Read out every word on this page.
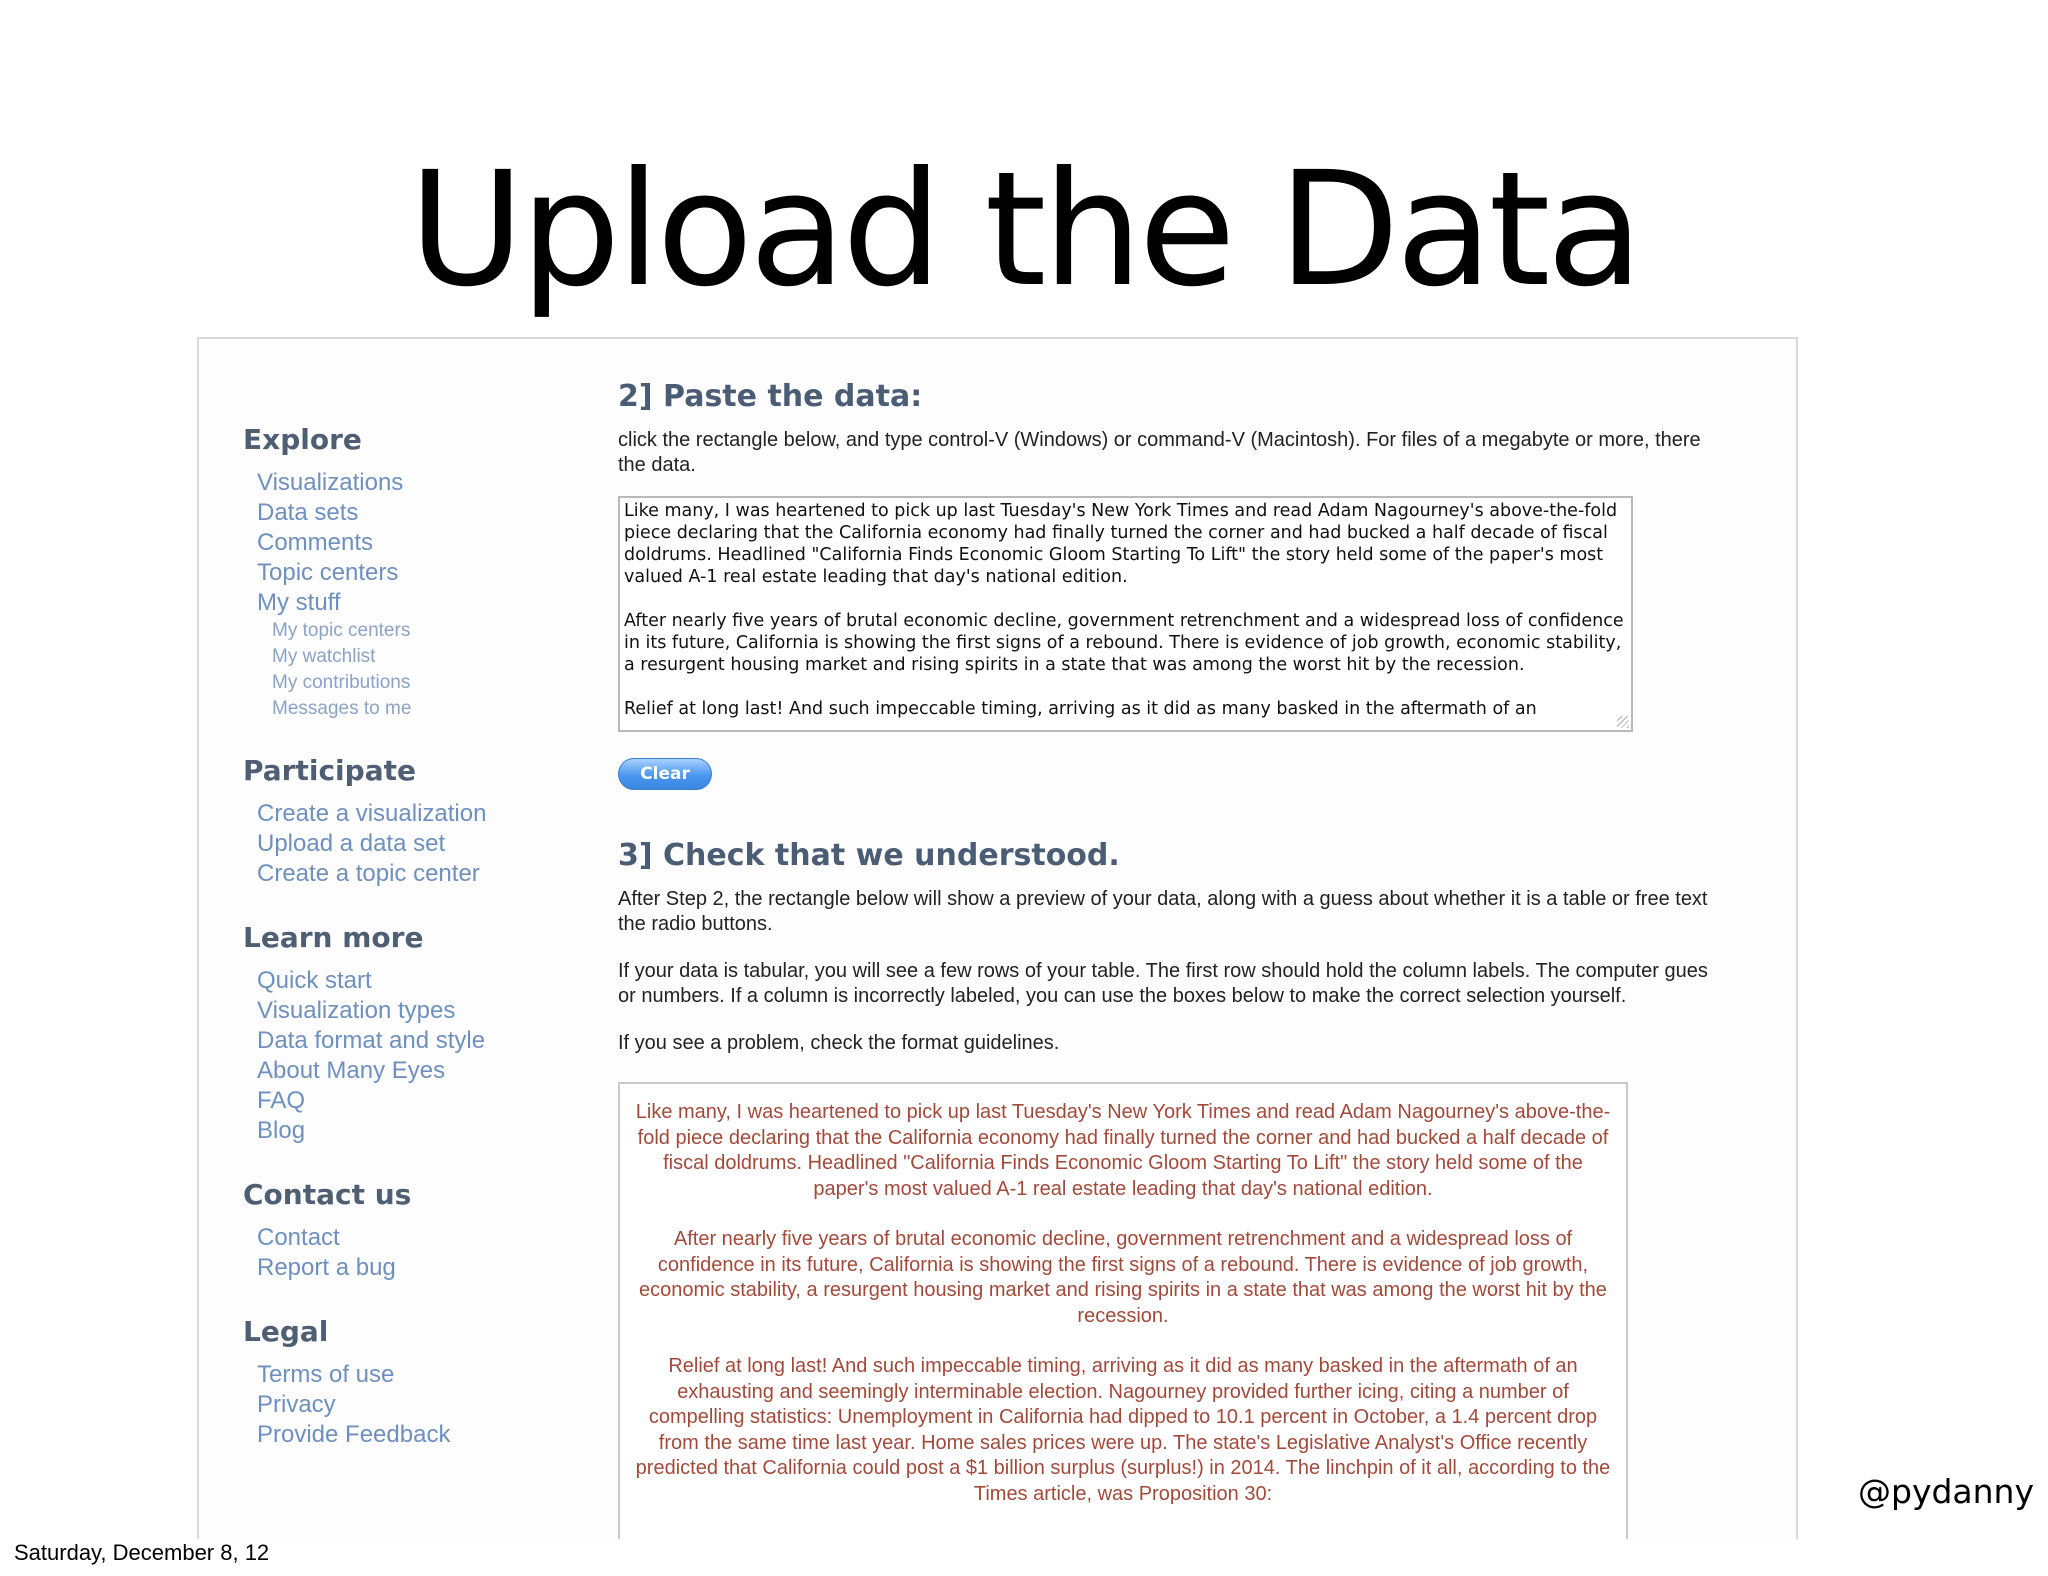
Upload the Data
Explore
Visualizations
Data sets
Comments
Topic centers
My stuff
My topic centers
My watchlist
My contributions
Messages to me
Participate
Create a visualization
Upload a data set
Create a topic center
Learn more
Quick start
Visualization types
Data format and style
About Many Eyes
FAQ
Blog
Contact us
Contact
Report a bug
Legal
Terms of use
Privacy
Provide Feedback
2] Paste the data:

click the rectangle below, and type control-V (Windows) or command-V (Macintosh). For files of a megabyte or more, there

the data.

Like many, I was heartened to pick up last Tuesday's New York Times and read Adam Nagourney's above-the-fold piece declaring that the California economy had finally turned the corner and had bucked a half decade of fiscal doldrums. Headlined "California Finds Economic Gloom Starting To Lift" the story held some of the paper's most valued A-1 real estate leading that day's national edition.

After nearly five years of brutal economic decline, government retrenchment and a widespread loss of confidence in its future, California is showing the first signs of a rebound. There is evidence of job growth, economic stability, a resurgent housing market and rising spirits in a state that was among the worst hit by the recession.

Relief at long last! And such impeccable timing, arriving as it did as many basked in the aftermath of an

Clear
3] Check that we understood.

After Step 2, the rectangle below will show a preview of your data, along with a guess about whether it is a table or free text

the radio buttons.

If your data is tabular, you will see a few rows of your table. The first row should hold the column labels. The computer gues

or numbers. If a column is incorrectly labeled, you can use the boxes below to make the correct selection yourself.

If you see a problem, check the format guidelines.

Like many, I was heartened to pick up last Tuesday's New York Times and read Adam Nagourney's above-the-fold piece declaring that the California economy had finally turned the corner and had bucked a half decade of fiscal doldrums. Headlined "California Finds Economic Gloom Starting To Lift" the story held some of the paper's most valued A-1 real estate leading that day's national edition.

After nearly five years of brutal economic decline, government retrenchment and a widespread loss of confidence in its future, California is showing the first signs of a rebound. There is evidence of job growth, economic stability, a resurgent housing market and rising spirits in a state that was among the worst hit by the recession.

Relief at long last! And such impeccable timing, arriving as it did as many basked in the aftermath of an exhausting and seemingly interminable election. Nagourney provided further icing, citing a number of compelling statistics: Unemployment in California had dipped to 10.1 percent in October, a 1.4 percent drop from the same time last year. Home sales prices were up. The state's Legislative Analyst's Office recently predicted that California could post a $1 billion surplus (surplus!) in 2014. The linchpin of it all, according to the Times article, was Proposition 30:	@pydanny
Saturday, December 8, 12
